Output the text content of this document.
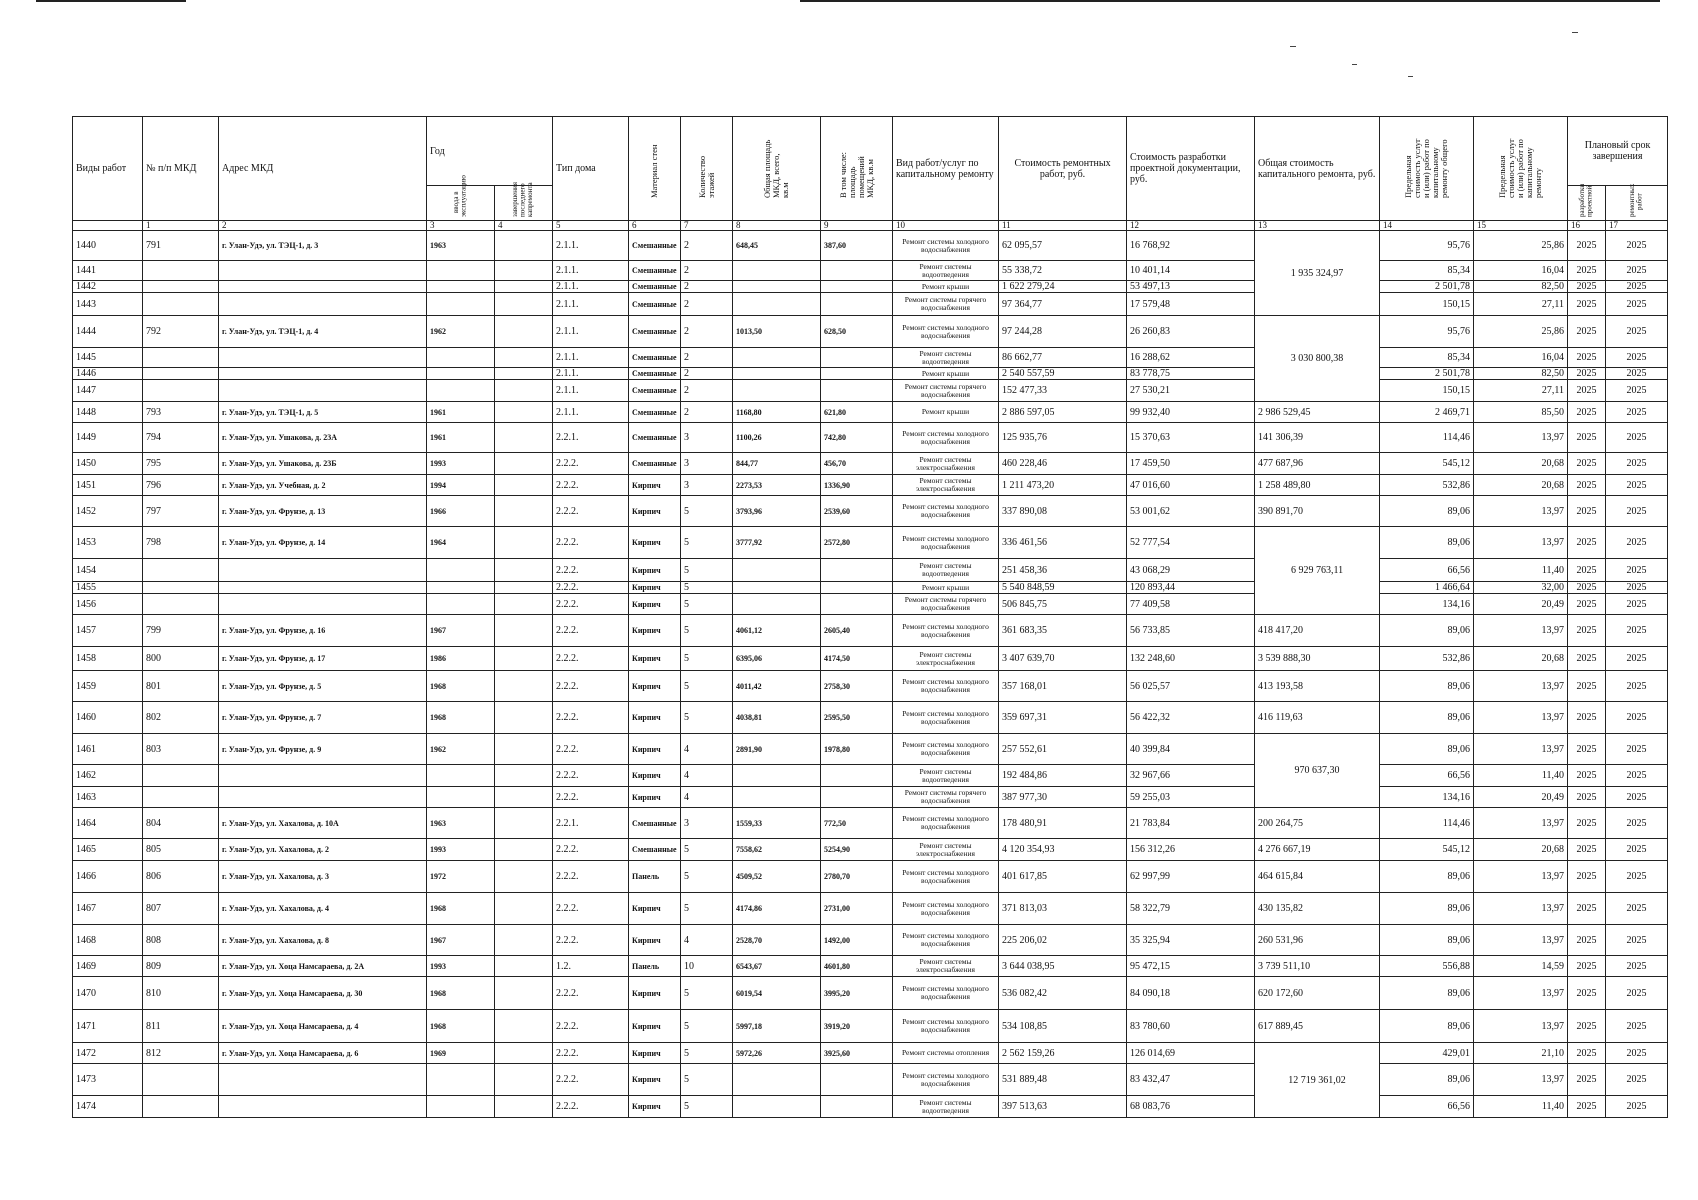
Виды работ	№ п/п МКД	Адрес МКД	Год		Тип дома	Материал стен	Количество этажей	Общая площадь МКД, всего, кв.м	В том числе: площадь помещений МКД, кв.м	Вид работ/услуг по капитальному ремонту	Стоимость ремонтных работ, руб.	Стоимость разработки проектной документации, руб.	Общая стоимость капитального ремонта, руб.	Предельная стоимость услуг и (или) работ по капитальному ремонту общего	Предельная стоимость услуг и (или) работ по капитальному ремонту	Плановый срок завершения	
			ввода в эксплуатацию	завершения последнего капремонта												разработки проектной	ремонтных работ
	1	2	3	4	5	6	7	8	9	10	11	12	13	14	15	16	17
1440	791	г. Улан-Удэ, ул. ТЭЦ-1, д. 3	1963		2.1.1.	Смешанные	2	648,45	387,60	Ремонт системы холодного водоснабжения	62 095,57	16 768,92	1 935 324,97	95,76	25,86	2025	2025
1441					2.1.1.	Смешанные	2			Ремонт системы водоотведения	55 338,72	10 401,14		85,34	16,04	2025	2025
1442					2.1.1.	Смешанные	2			Ремонт крыши	1 622 279,24	53 497,13		2 501,78	82,50	2025	2025
1443					2.1.1.	Смешанные	2			Ремонт системы горячего водоснабжения	97 364,77	17 579,48		150,15	27,11	2025	2025
1444	792	г. Улан-Удэ, ул. ТЭЦ-1, д. 4	1962		2.1.1.	Смешанные	2	1013,50	628,50	Ремонт системы холодного водоснабжения	97 244,28	26 260,83	3 030 800,38	95,76	25,86	2025	2025
1445					2.1.1.	Смешанные	2			Ремонт системы водоотведения	86 662,77	16 288,62		85,34	16,04	2025	2025
1446					2.1.1.	Смешанные	2			Ремонт крыши	2 540 557,59	83 778,75		2 501,78	82,50	2025	2025
1447					2.1.1.	Смешанные	2			Ремонт системы горячего водоснабжения	152 477,33	27 530,21		150,15	27,11	2025	2025
1448	793	г. Улан-Удэ, ул. ТЭЦ-1, д. 5	1961		2.1.1.	Смешанные	2	1168,80	621,80	Ремонт крыши	2 886 597,05	99 932,40	2 986 529,45	2 469,71	85,50	2025	2025
1449	794	г. Улан-Удэ, ул. Ушакова, д. 23А	1961		2.2.1.	Смешанные	3	1100,26	742,80	Ремонт системы холодного водоснабжения	125 935,76	15 370,63	141 306,39	114,46	13,97	2025	2025
1450	795	г. Улан-Удэ, ул. Ушакова, д. 23Б	1993		2.2.2.	Смешанные	3	844,77	456,70	Ремонт системы электроснабжения	460 228,46	17 459,50	477 687,96	545,12	20,68	2025	2025
1451	796	г. Улан-Удэ, ул. Учебная, д. 2	1994		2.2.2.	Кирпич	3	2273,53	1336,90	Ремонт системы электроснабжения	1 211 473,20	47 016,60	1 258 489,80	532,86	20,68	2025	2025
1452	797	г. Улан-Удэ, ул. Фрунзе, д. 13	1966		2.2.2.	Кирпич	5	3793,96	2539,60	Ремонт системы холодного водоснабжения	337 890,08	53 001,62	390 891,70	89,06	13,97	2025	2025
1453	798	г. Улан-Удэ, ул. Фрунзе, д. 14	1964		2.2.2.	Кирпич	5	3777,92	2572,80	Ремонт системы холодного водоснабжения	336 461,56	52 777,54	6 929 763,11	89,06	13,97	2025	2025
1454					2.2.2.	Кирпич	5			Ремонт системы водоотведения	251 458,36	43 068,29		66,56	11,40	2025	2025
1455					2.2.2.	Кирпич	5			Ремонт крыши	5 540 848,59	120 893,44		1 466,64	32,00	2025	2025
1456					2.2.2.	Кирпич	5			Ремонт системы горячего водоснабжения	506 845,75	77 409,58		134,16	20,49	2025	2025
1457	799	г. Улан-Удэ, ул. Фрунзе, д. 16	1967		2.2.2.	Кирпич	5	4061,12	2605,40	Ремонт системы холодного водоснабжения	361 683,35	56 733,85	418 417,20	89,06	13,97	2025	2025
1458	800	г. Улан-Удэ, ул. Фрунзе, д. 17	1986		2.2.2.	Кирпич	5	6395,06	4174,50	Ремонт системы электроснабжения	3 407 639,70	132 248,60	3 539 888,30	532,86	20,68	2025	2025
1459	801	г. Улан-Удэ, ул. Фрунзе, д. 5	1968		2.2.2.	Кирпич	5	4011,42	2758,30	Ремонт системы холодного водоснабжения	357 168,01	56 025,57	413 193,58	89,06	13,97	2025	2025
1460	802	г. Улан-Удэ, ул. Фрунзе, д. 7	1968		2.2.2.	Кирпич	5	4038,81	2595,50	Ремонт системы холодного водоснабжения	359 697,31	56 422,32	416 119,63	89,06	13,97	2025	2025
1461	803	г. Улан-Удэ, ул. Фрунзе, д. 9	1962		2.2.2.	Кирпич	4	2891,90	1978,80	Ремонт системы холодного водоснабжения	257 552,61	40 399,84	970 637,30	89,06	13,97	2025	2025
1462					2.2.2.	Кирпич	4			Ремонт системы водоотведения	192 484,86	32 967,66		66,56	11,40	2025	2025
1463					2.2.2.	Кирпич	4			Ремонт системы горячего водоснабжения	387 977,30	59 255,03		134,16	20,49	2025	2025
1464	804	г. Улан-Удэ, ул. Хахалова, д. 10А	1963		2.2.1.	Смешанные	3	1559,33	772,50	Ремонт системы холодного водоснабжения	178 480,91	21 783,84	200 264,75	114,46	13,97	2025	2025
1465	805	г. Улан-Удэ, ул. Хахалова, д. 2	1993		2.2.2.	Смешанные	5	7558,62	5254,90	Ремонт системы электроснабжения	4 120 354,93	156 312,26	4 276 667,19	545,12	20,68	2025	2025
1466	806	г. Улан-Удэ, ул. Хахалова, д. 3	1972		2.2.2.	Панель	5	4509,52	2780,70	Ремонт системы холодного водоснабжения	401 617,85	62 997,99	464 615,84	89,06	13,97	2025	2025
1467	807	г. Улан-Удэ, ул. Хахалова, д. 4	1968		2.2.2.	Кирпич	5	4174,86	2731,00	Ремонт системы холодного водоснабжения	371 813,03	58 322,79	430 135,82	89,06	13,97	2025	2025
1468	808	г. Улан-Удэ, ул. Хахалова, д. 8	1967		2.2.2.	Кирпич	4	2528,70	1492,00	Ремонт системы холодного водоснабжения	225 206,02	35 325,94	260 531,96	89,06	13,97	2025	2025
1469	809	г. Улан-Удэ, ул. Хоца Намсараева, д. 2А	1993		1.2.	Панель	10	6543,67	4601,80	Ремонт системы электроснабжения	3 644 038,95	95 472,15	3 739 511,10	556,88	14,59	2025	2025
1470	810	г. Улан-Удэ, ул. Хоца Намсараева, д. 30	1968		2.2.2.	Кирпич	5	6019,54	3995,20	Ремонт системы холодного водоснабжения	536 082,42	84 090,18	620 172,60	89,06	13,97	2025	2025
1471	811	г. Улан-Удэ, ул. Хоца Намсараева, д. 4	1968		2.2.2.	Кирпич	5	5997,18	3919,20	Ремонт системы холодного водоснабжения	534 108,85	83 780,60	617 889,45	89,06	13,97	2025	2025
1472	812	г. Улан-Удэ, ул. Хоца Намсараева, д. 6	1969		2.2.2.	Кирпич	5	5972,26	3925,60	Ремонт системы отопления	2 562 159,26	126 014,69	12 719 361,02	429,01	21,10	2025	2025
1473					2.2.2.	Кирпич	5			Ремонт системы холодного водоснабжения	531 889,48	83 432,47		89,06	13,97	2025	2025
1474					2.2.2.	Кирпич	5			Ремонт системы водоотведения	397 513,63	68 083,76		66,56	11,40	2025	2025
